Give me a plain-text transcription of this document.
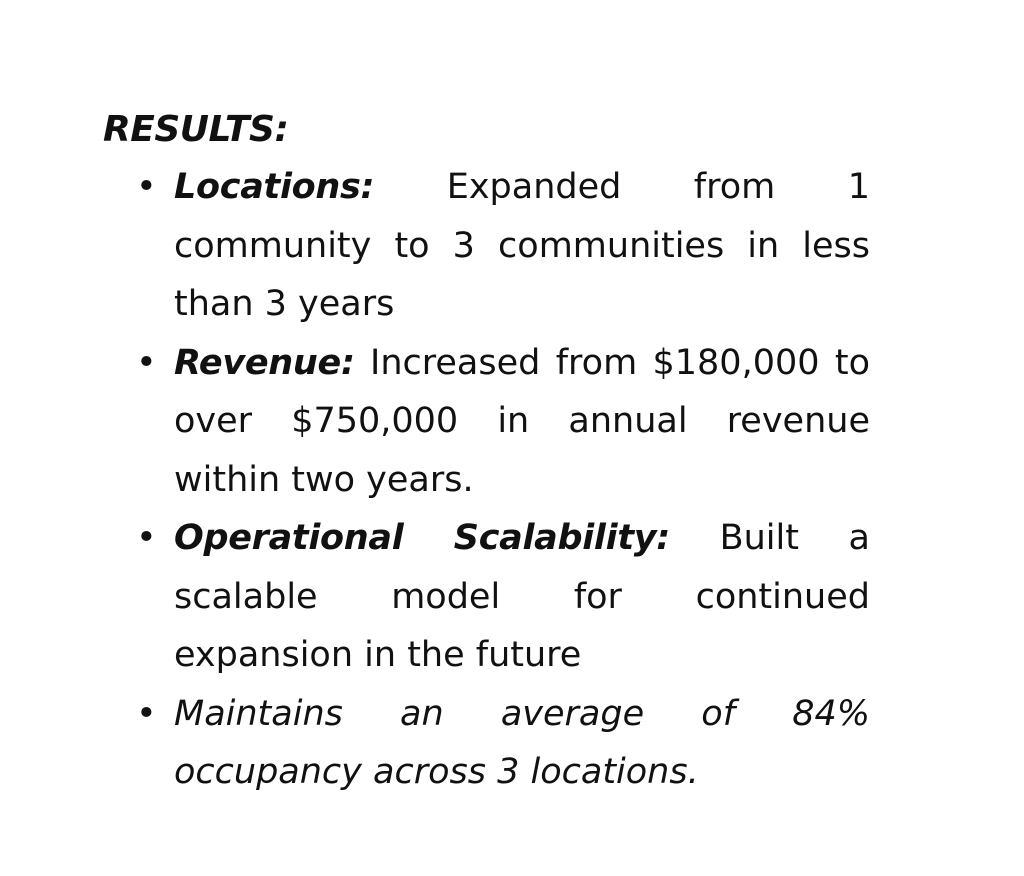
RESULTS:
• Locations: Expanded from 1 community to 3 communities in less than 3 years
• Revenue: Increased from $180,000 to over $750,000 in annual revenue within two years.
• Operational Scalability: Built a scalable model for continued expansion in the future
• Maintains an average of 84% occupancy across 3 locations.
